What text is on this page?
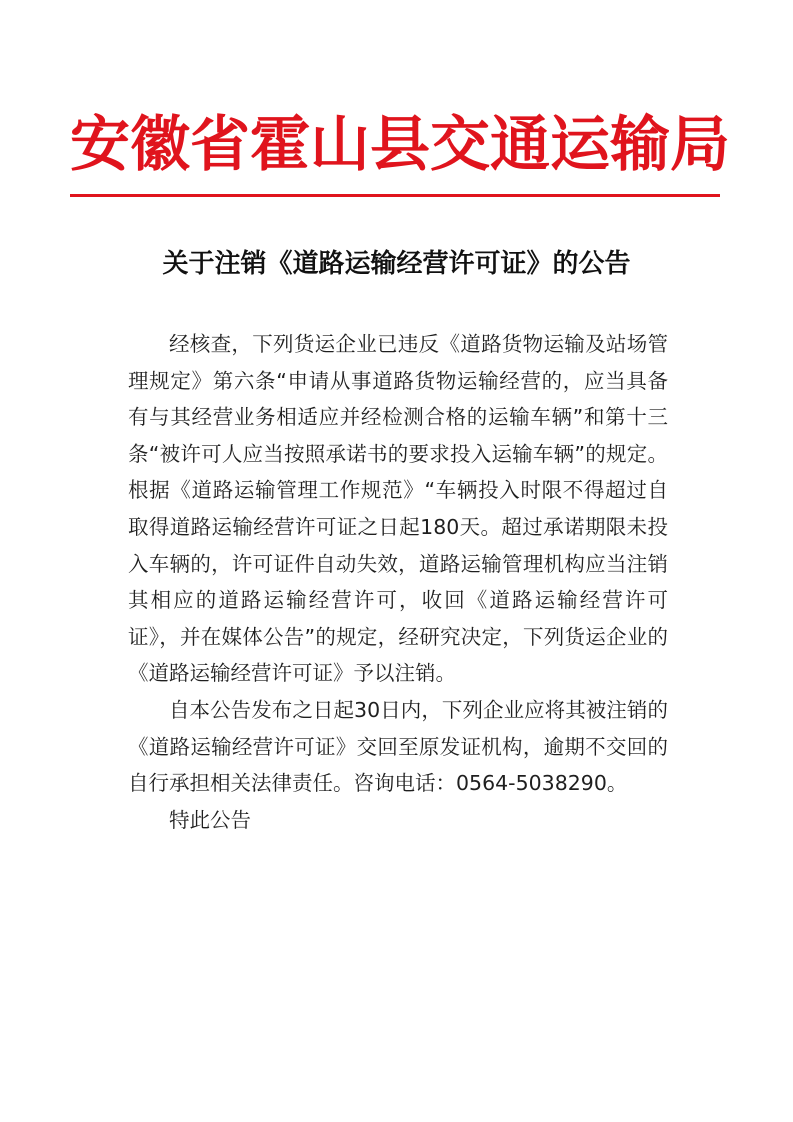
安徽省霍山县交通运输局
关于注销《道路运输经营许可证》的公告

经核查，下列货运企业已违反《道路货物运输及站场管理规定》第六条“申请从事道路货物运输经营的，应当具备有与其经营业务相适应并经检测合格的运输车辆”和第十三条“被许可人应当按照承诺书的要求投入运输车辆”的规定。根据《道路运输管理工作规范》“车辆投入时限不得超过自取得道路运输经营许可证之日起180天。超过承诺期限未投入车辆的，许可证件自动失效，道路运输管理机构应当注销其相应的道路运输经营许可，收回《道路运输经营许可证》，并在媒体公告”的规定，经研究决定，下列货运企业的《道路运输经营许可证》予以注销。

自本公告发布之日起30日内，下列企业应将其被注销的《道路运输经营许可证》交回至原发证机构，逾期不交回的自行承担相关法律责任。咨询电话：0564-5038290。

特此公告
